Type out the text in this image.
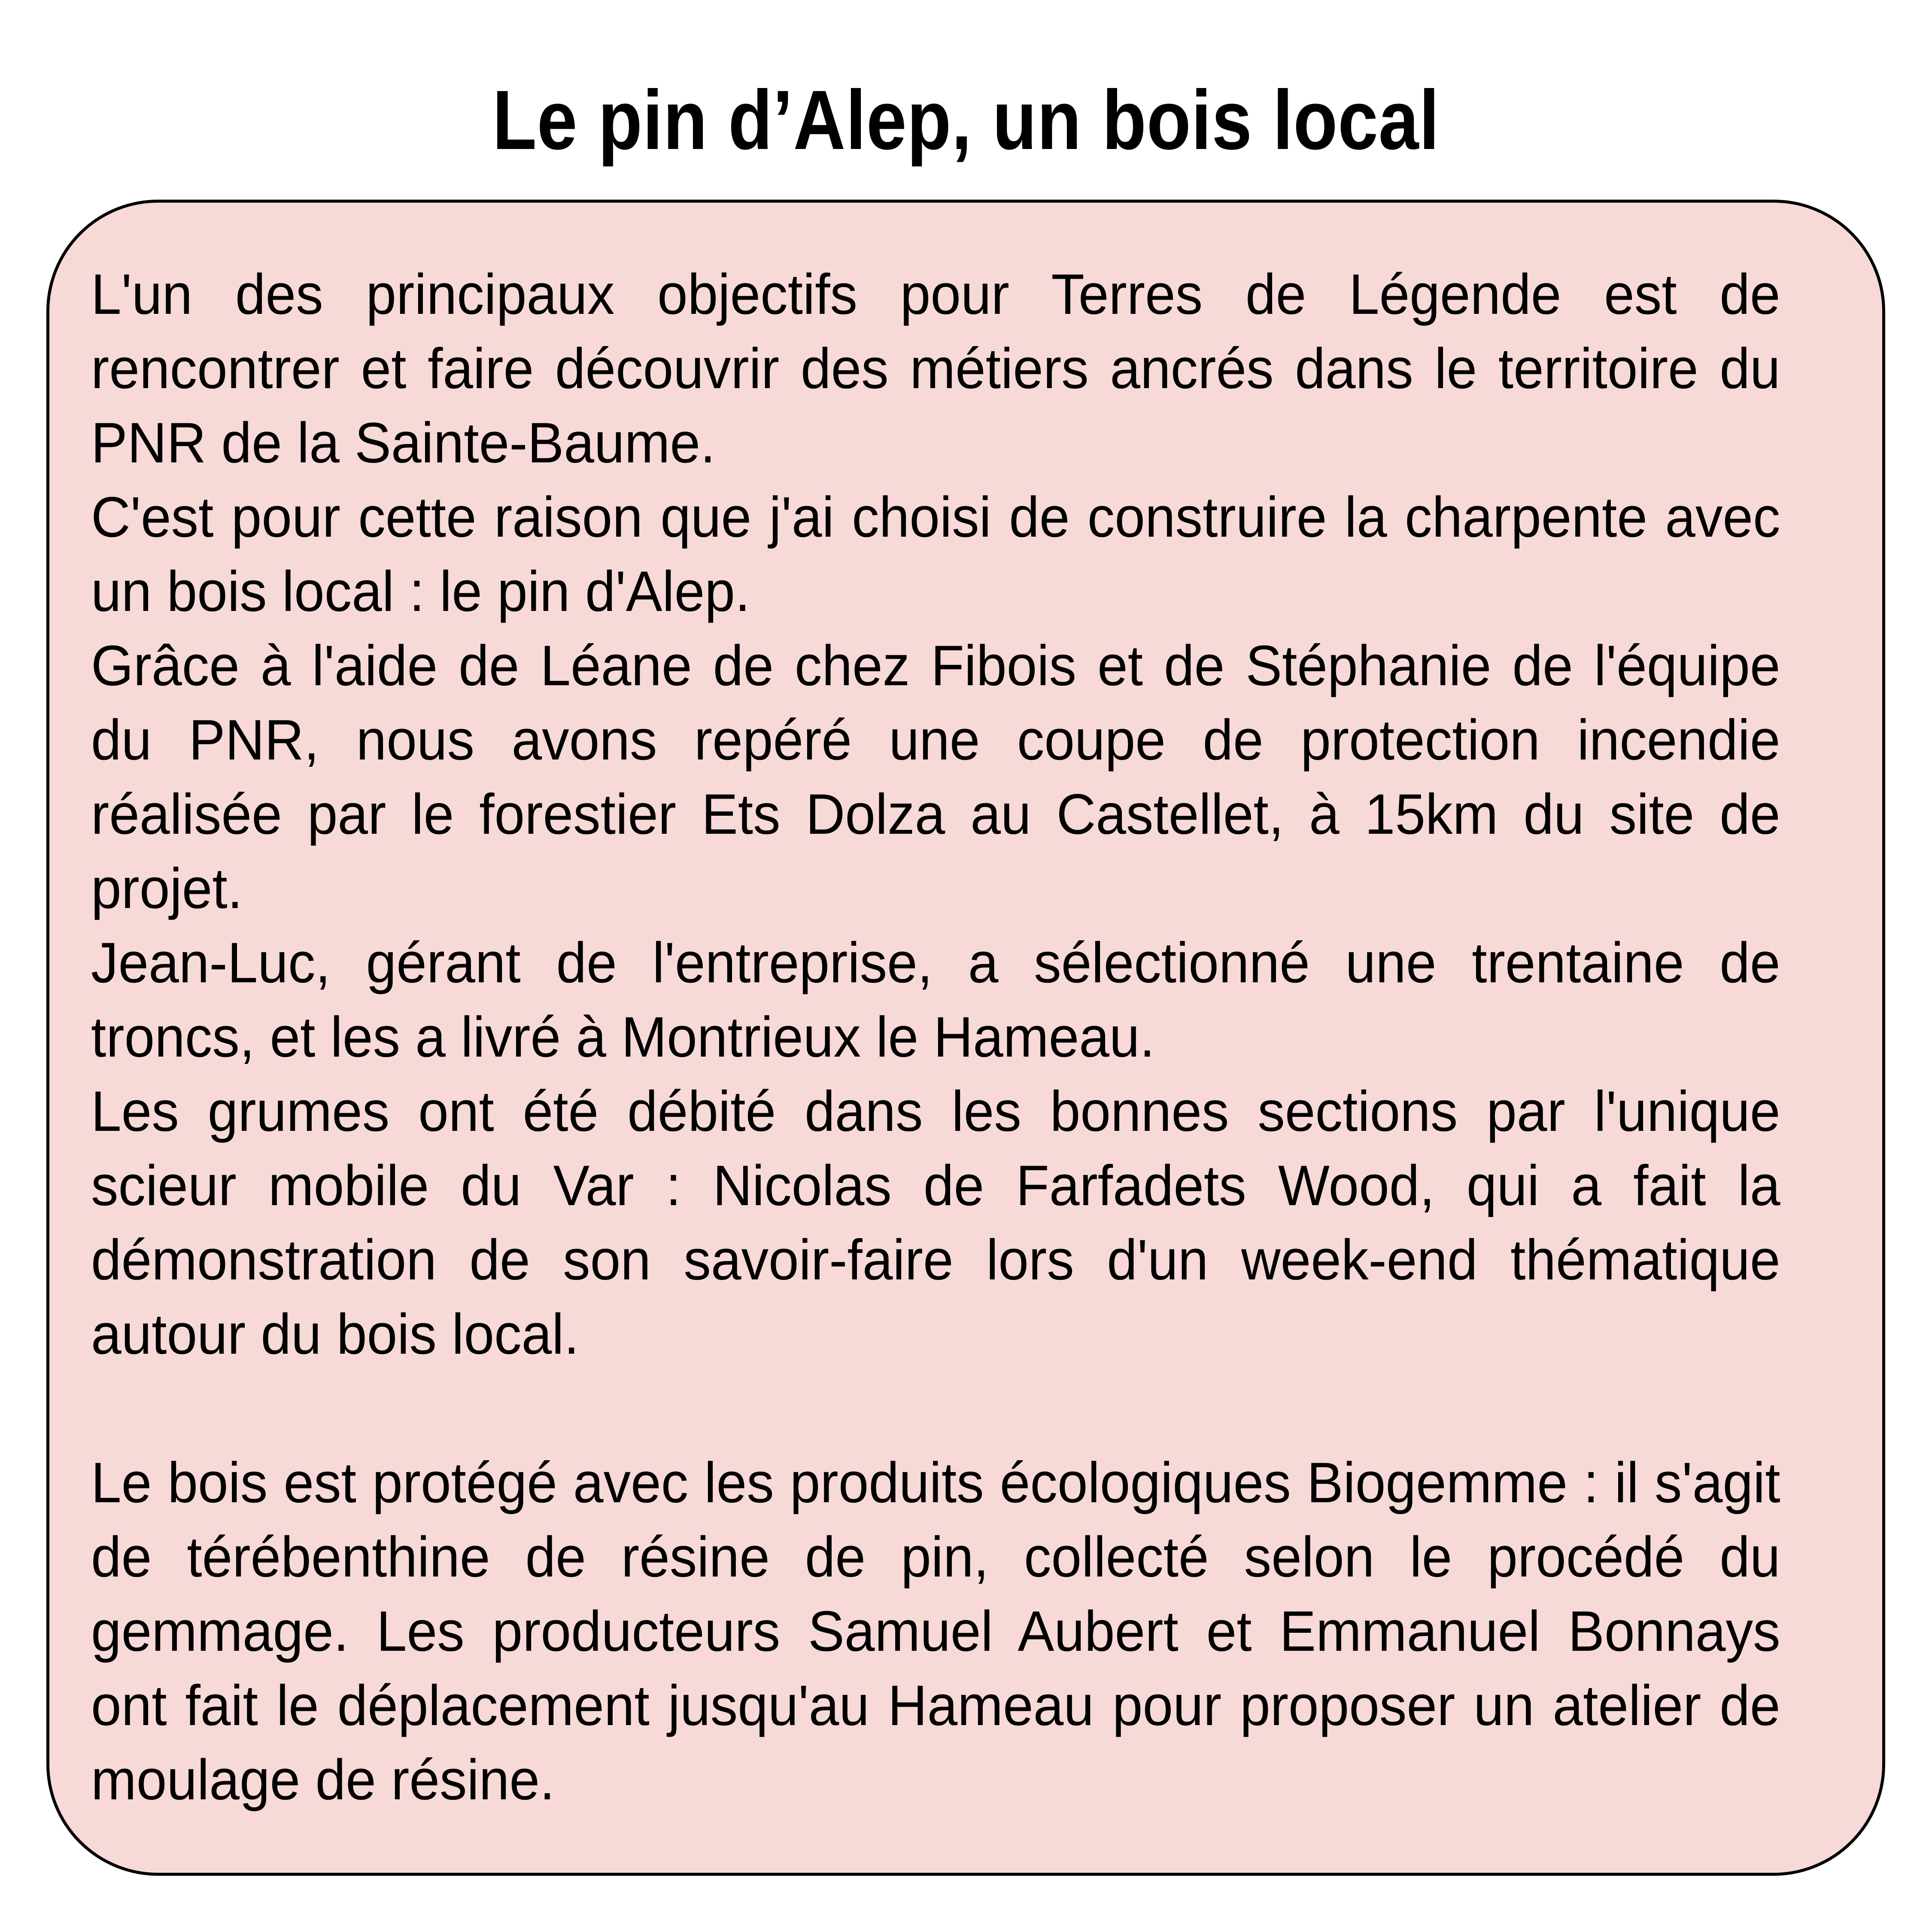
Le pin d’Alep, un bois local

L'un des principaux objectifs pour Terres de Légende est de rencontrer et faire découvrir des métiers ancrés dans le territoire du PNR de la Sainte-Baume.

C'est pour cette raison que j'ai choisi de construire la charpente avec un bois local : le pin d'Alep.

Grâce à l'aide de Léane de chez Fibois et de Stéphanie de l'équipe du PNR, nous avons repéré une coupe de protection incendie réalisée par le forestier Ets Dolza au Castellet, à 15km du site de projet.

Jean-Luc, gérant de l'entreprise, a sélectionné une trentaine de troncs, et les a livré à Montrieux le Hameau.

Les grumes ont été débité dans les bonnes sections par l'unique scieur mobile du Var : Nicolas de Farfadets Wood, qui a fait la démonstration de son savoir-faire lors d'un week-end thématique autour du bois local.

Le bois est protégé avec les produits écologiques Biogemme : il s'agit de térébenthine de résine de pin, collecté selon le procédé du gemmage. Les producteurs Samuel Aubert et Emmanuel Bonnays ont fait le déplacement jusqu'au Hameau pour proposer un atelier de moulage de résine.
